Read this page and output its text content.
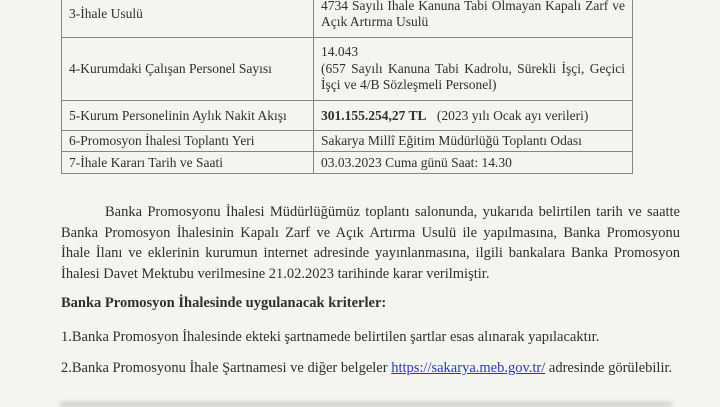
3-İhale Usulü	4734 Sayılı İhale Kanuna Tabi Olmayan Kapalı Zarf ve Açık Artırma Usulü
4-Kurumdaki Çalışan Personel Sayısı	14.043
(657 Sayılı Kanuna Tabi Kadrolu, Sürekli İşçi, Geçici İşçi ve 4/B Sözleşmeli Personel)

5-Kurum Personelinin Aylık Nakit Akışı	301.155.254,27 TL (2023 yılı Ocak ayı verileri)
6-Promosyon İhalesi Toplantı Yeri	Sakarya Millî Eğitim Müdürlüğü Toplantı Odası
7-İhale Kararı Tarih ve Saati	03.03.2023 Cuma günü Saat: 14.30

Banka Promosyonu İhalesi Müdürlüğümüz toplantı salonunda, yukarıda belirtilen tarih ve saatte Banka Promosyon İhalesinin Kapalı Zarf ve Açık Artırma Usulü ile yapılmasına, Banka Promosyonu İhale İlanı ve eklerinin kurumun internet adresinde yayınlanmasına, ilgili bankalara Banka Promosyon İhalesi Davet Mektubu verilmesine 21.02.2023 tarihinde karar verilmiştir.

Banka Promosyon İhalesinde uygulanacak kriterler:

1.Banka Promosyon İhalesinde ekteki şartnamede belirtilen şartlar esas alınarak yapılacaktır.

2.Banka Promosyonu İhale Şartnamesi ve diğer belgeler https://sakarya.meb.gov.tr/ adresinde görülebilir.
